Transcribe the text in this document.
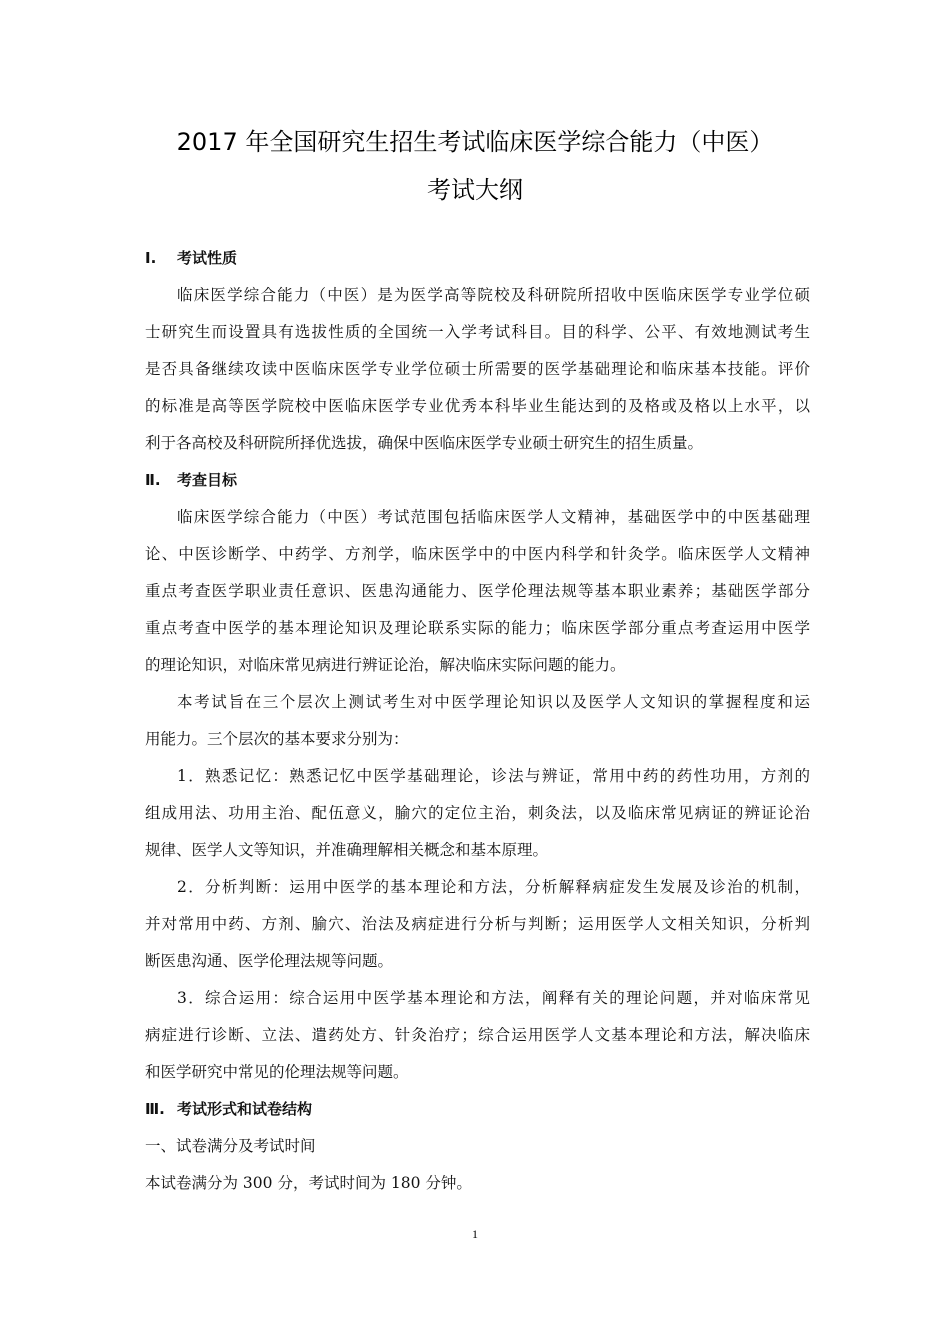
2017 年全国研究生招生考试临床医学综合能力（中医）
考试大纲
Ⅰ. 考试性质
临床医学综合能力（中医）是为医学高等院校及科研院所招收中医临床医学专业学位硕
士研究生而设置具有选拔性质的全国统一入学考试科目。目的科学、公平、有效地测试考生
是否具备继续攻读中医临床医学专业学位硕士所需要的医学基础理论和临床基本技能。评价
的标准是高等医学院校中医临床医学专业优秀本科毕业生能达到的及格或及格以上水平，以
利于各高校及科研院所择优选拔，确保中医临床医学专业硕士研究生的招生质量。
Ⅱ. 考查目标
临床医学综合能力（中医）考试范围包括临床医学人文精神，基础医学中的中医基础理
论、中医诊断学、中药学、方剂学，临床医学中的中医内科学和针灸学。临床医学人文精神
重点考查医学职业责任意识、医患沟通能力、医学伦理法规等基本职业素养；基础医学部分
重点考查中医学的基本理论知识及理论联系实际的能力；临床医学部分重点考查运用中医学
的理论知识，对临床常见病进行辨证论治，解决临床实际问题的能力。
本考试旨在三个层次上测试考生对中医学理论知识以及医学人文知识的掌握程度和运
用能力。三个层次的基本要求分别为：
1．熟悉记忆：熟悉记忆中医学基础理论，诊法与辨证，常用中药的药性功用，方剂的
组成用法、功用主治、配伍意义，腧穴的定位主治，刺灸法，以及临床常见病证的辨证论治
规律、医学人文等知识，并准确理解相关概念和基本原理。
2．分析判断：运用中医学的基本理论和方法，分析解释病症发生发展及诊治的机制，
并对常用中药、方剂、腧穴、治法及病症进行分析与判断；运用医学人文相关知识，分析判
断医患沟通、医学伦理法规等问题。
3．综合运用：综合运用中医学基本理论和方法，阐释有关的理论问题，并对临床常见
病症进行诊断、立法、遣药处方、针灸治疗；综合运用医学人文基本理论和方法，解决临床
和医学研究中常见的伦理法规等问题。
Ⅲ. 考试形式和试卷结构
一、试卷满分及考试时间
本试卷满分为 300 分，考试时间为 180 分钟。
1
